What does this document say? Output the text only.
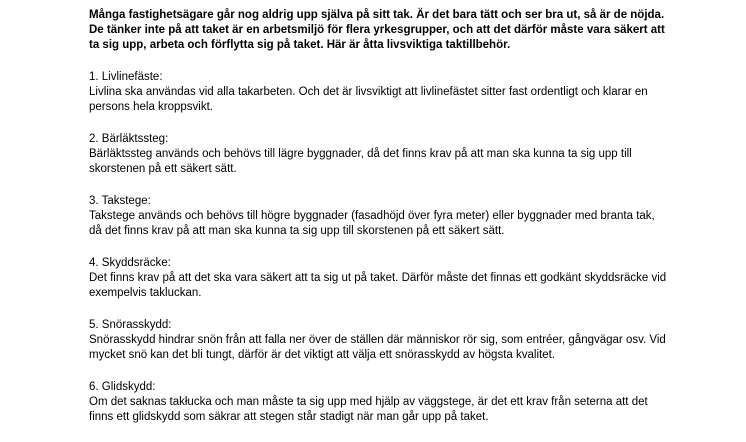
Många fastighetsägare går nog aldrig upp själva på sitt tak. Är det bara tätt och ser bra ut, så är de nöjda. De tänker inte på att taket är en arbetsmiljö för flera yrkesgrupper, och att det därför måste vara säkert att ta sig upp, arbeta och förflytta sig på taket. Här är åtta livsviktiga taktillbehör.

1. Livlinefäste:

Livlina ska användas vid alla takarbeten. Och det är livsviktigt att livlinefästet sitter fast ordentligt och klarar en persons hela kroppsvikt.

2. Bärläktssteg:

Bärläktssteg används och behövs till lägre byggnader, då det finns krav på att man ska kunna ta sig upp till skorstenen på ett säkert sätt.

3. Takstege:

Takstege används och behövs till högre byggnader (fasadhöjd över fyra meter) eller byggnader med branta tak, då det finns krav på att man ska kunna ta sig upp till skorstenen på ett säkert sätt.

4. Skyddsräcke:

Det finns krav på att det ska vara säkert att ta sig ut på taket. Därför måste det finnas ett godkänt skyddsräcke vid exempelvis takluckan.

5. Snörasskydd:

Snörasskydd hindrar snön från att falla ner över de ställen där människor rör sig, som entréer, gångvägar osv. Vid mycket snö kan det bli tungt, därför är det viktigt att välja ett snörasskydd av högsta kvalitet.

6. Glidskydd:

Om det saknas takłucka och man måste ta sig upp med hjälp av väggstege, är det ett krav från seterna att det finns ett glidskydd som säkrar att stegen står stadigt när man går upp på taket.
